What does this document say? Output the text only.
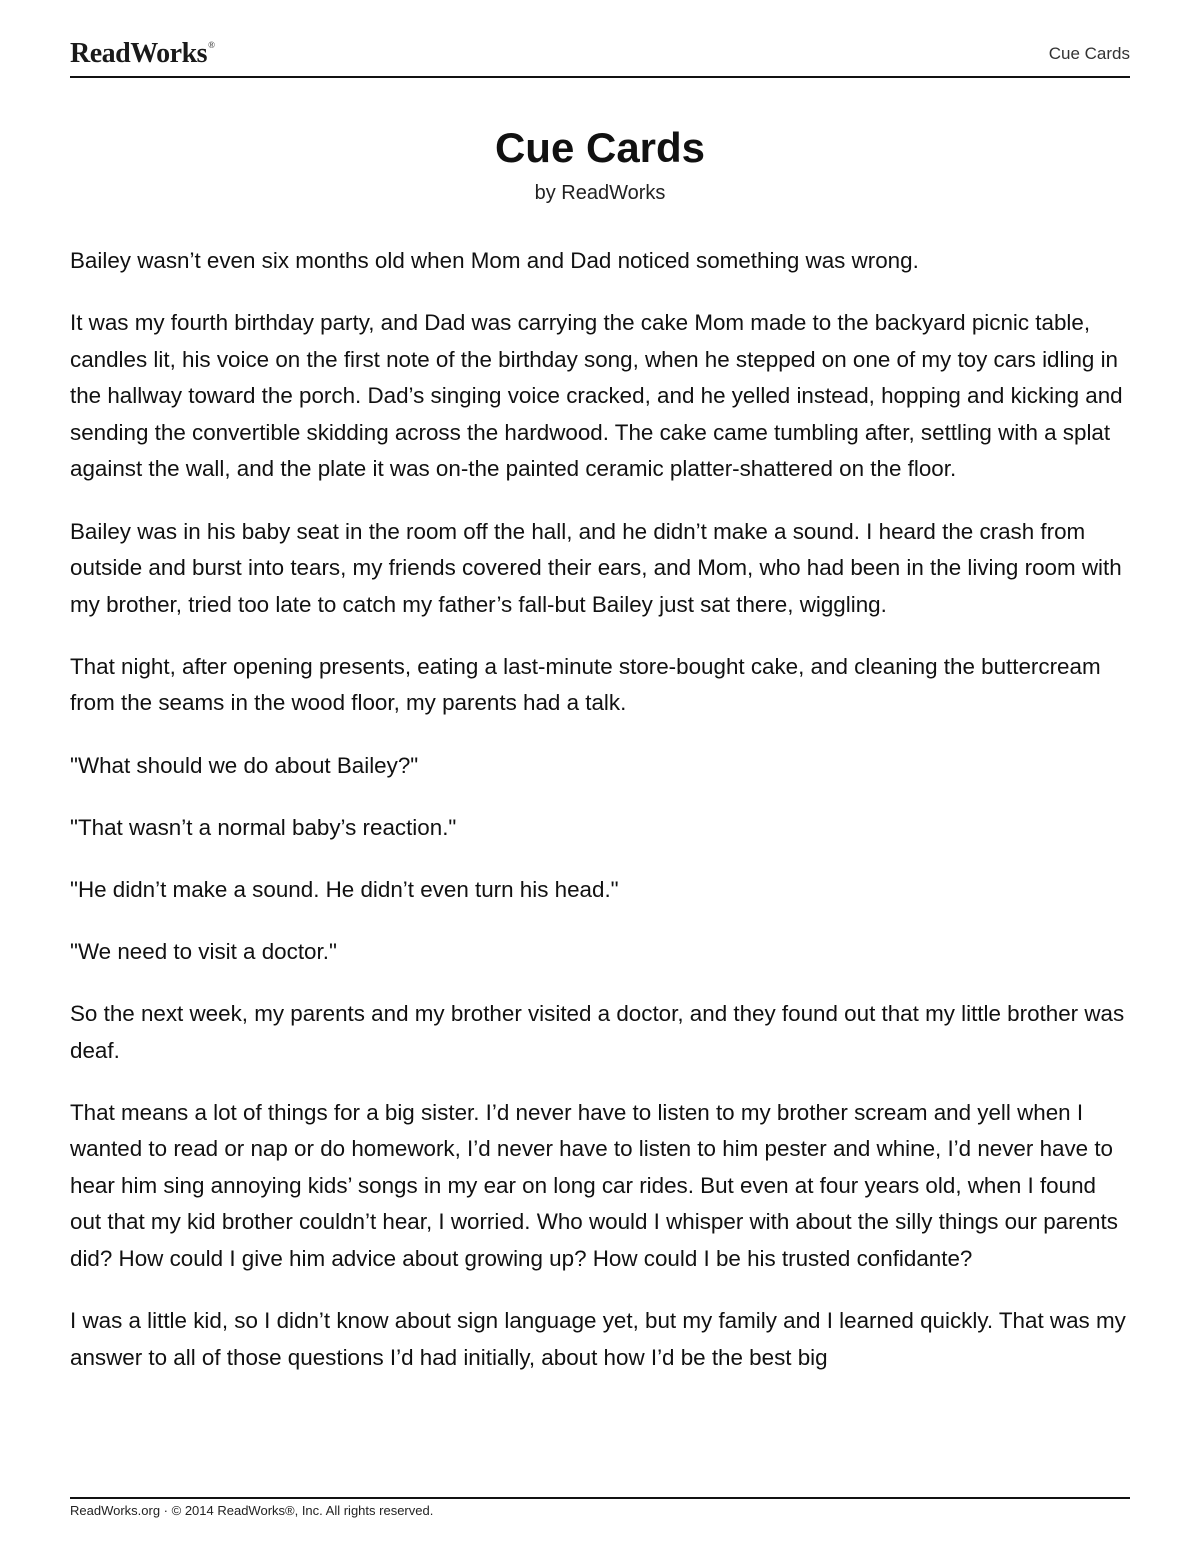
ReadWorks®	Cue Cards
Cue Cards
by ReadWorks

Bailey wasn’t even six months old when Mom and Dad noticed something was wrong.

It was my fourth birthday party, and Dad was carrying the cake Mom made to the backyard picnic table, candles lit, his voice on the first note of the birthday song, when he stepped on one of my toy cars idling in the hallway toward the porch. Dad’s singing voice cracked, and he yelled instead, hopping and kicking and sending the convertible skidding across the hardwood. The cake came tumbling after, settling with a splat against the wall, and the plate it was on-the painted ceramic platter-shattered on the floor.

Bailey was in his baby seat in the room off the hall, and he didn’t make a sound. I heard the crash from outside and burst into tears, my friends covered their ears, and Mom, who had been in the living room with my brother, tried too late to catch my father’s fall-but Bailey just sat there, wiggling.

That night, after opening presents, eating a last-minute store-bought cake, and cleaning the buttercream from the seams in the wood floor, my parents had a talk.

"What should we do about Bailey?"

"That wasn’t a normal baby’s reaction."

"He didn’t make a sound. He didn’t even turn his head."

"We need to visit a doctor."

So the next week, my parents and my brother visited a doctor, and they found out that my little brother was deaf.

That means a lot of things for a big sister. I’d never have to listen to my brother scream and yell when I wanted to read or nap or do homework, I’d never have to listen to him pester and whine, I’d never have to hear him sing annoying kids’ songs in my ear on long car rides. But even at four years old, when I found out that my kid brother couldn’t hear, I worried. Who would I whisper with about the silly things our parents did? How could I give him advice about growing up? How could I be his trusted confidante?

I was a little kid, so I didn’t know about sign language yet, but my family and I learned quickly. That was my answer to all of those questions I’d had initially, about how I’d be the best big

ReadWorks.org · © 2014 ReadWorks®, Inc. All rights reserved.
